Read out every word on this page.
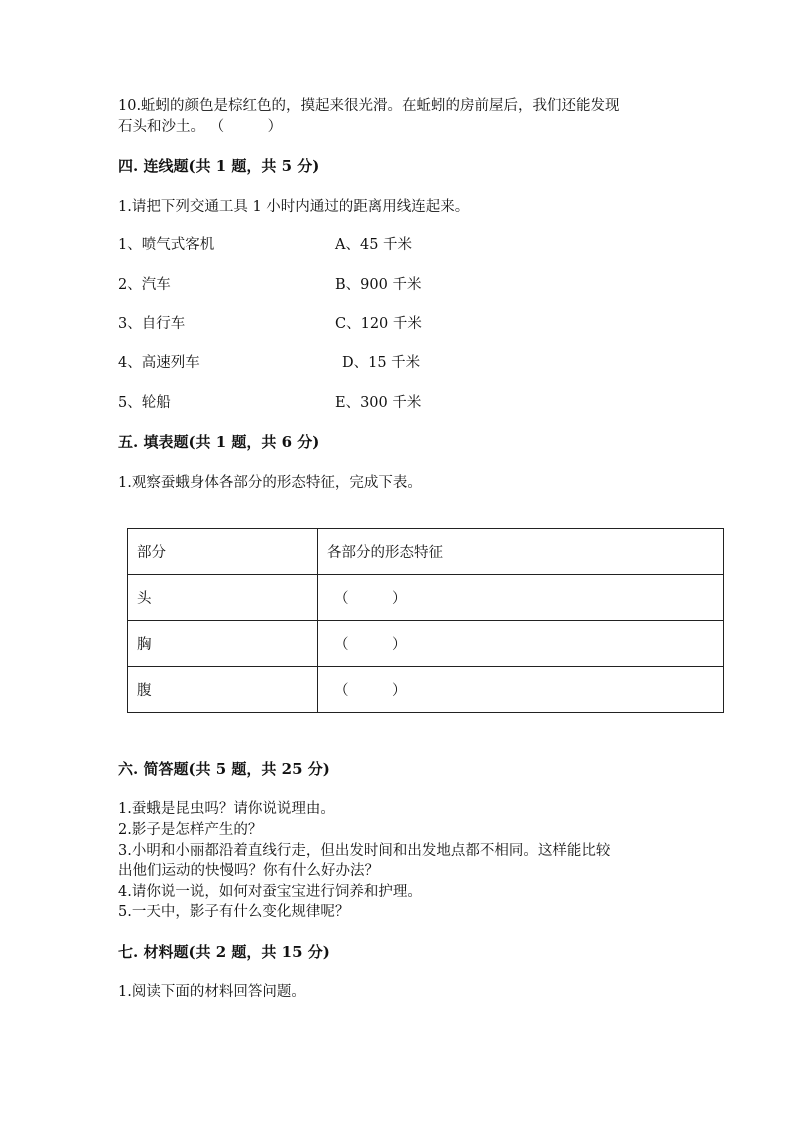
10.蚯蚓的颜色是棕红色的，摸起来很光滑。在蚯蚓的房前屋后，我们还能发现
石头和沙土。 （　　　）
四. 连线题(共 1 题，共 5 分)
1.请把下列交通工具 1 小时内通过的距离用线连起来。
1、喷气式客机	A、45 千米
2、汽车	B、900 千米
3、自行车	C、120 千米
4、高速列车	D、15 千米
5、轮船	E、300 千米
五. 填表题(共 1 题，共 6 分)
1.观察蚕蛾身体各部分的形态特征，完成下表。
部分	各部分的形态特征
头	（　　　）
胸	（　　　）
腹	（　　　）
六. 简答题(共 5 题，共 25 分)
1.蚕蛾是昆虫吗？请你说说理由。
2.影子是怎样产生的？
3.小明和小丽都沿着直线行走，但出发时间和出发地点都不相同。这样能比较
出他们运动的快慢吗？你有什么好办法？
4.请你说一说，如何对蚕宝宝进行饲养和护理。
5.一天中，影子有什么变化规律呢？
七. 材料题(共 2 题，共 15 分)
1.阅读下面的材料回答问题。
